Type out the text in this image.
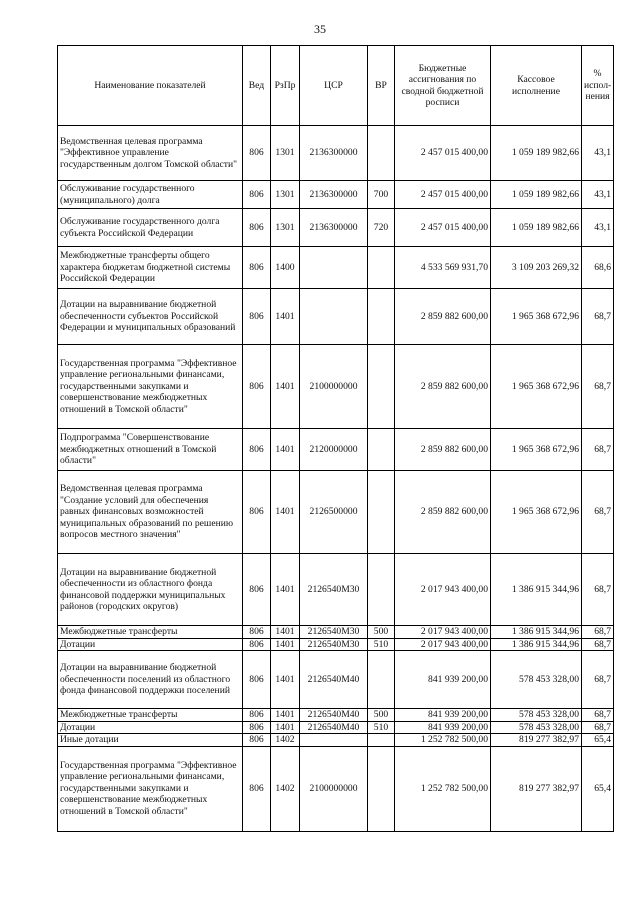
35
Наименование показателей	Вед	РзПр	ЦСР	ВР	Бюджетные ассигнования по сводной бюджетной росписи	Кассовое исполнение	% испол-нения
Ведомственная целевая программа "Эффективное управление государственным долгом Томской области"	806	1301	2136300000		2 457 015 400,00	1 059 189 982,66	43,1
Обслуживание государственного (муниципального) долга	806	1301	2136300000	700	2 457 015 400,00	1 059 189 982,66	43,1
Обслуживание государственного долга субъекта Российской Федерации	806	1301	2136300000	720	2 457 015 400,00	1 059 189 982,66	43,1
Межбюджетные трансферты общего характера бюджетам бюджетной системы Российской Федерации	806	1400			4 533 569 931,70	3 109 203 269,32	68,6
Дотации на выравнивание бюджетной обеспеченности субъектов Российской Федерации и муниципальных образований	806	1401			2 859 882 600,00	1 965 368 672,96	68,7
Государственная программа "Эффективное управление региональными финансами, государственными закупками и совершенствование межбюджетных отношений в Томской области"	806	1401	2100000000		2 859 882 600,00	1 965 368 672,96	68,7
Подпрограмма "Совершенствование межбюджетных отношений в Томской области"	806	1401	2120000000		2 859 882 600,00	1 965 368 672,96	68,7
Ведомственная целевая программа "Создание условий для обеспечения равных финансовых возможностей муниципальных образований по решению вопросов местного значения"	806	1401	2126500000		2 859 882 600,00	1 965 368 672,96	68,7
Дотации на выравнивание бюджетной обеспеченности из областного фонда финансовой поддержки муниципальных районов (городских округов)	806	1401	2126540M30		2 017 943 400,00	1 386 915 344,96	68,7
Межбюджетные трансферты	806	1401	2126540M30	500	2 017 943 400,00	1 386 915 344,96	68,7
Дотации	806	1401	2126540M30	510	2 017 943 400,00	1 386 915 344,96	68,7
Дотации на выравнивание бюджетной обеспеченности поселений из областного фонда финансовой поддержки поселений	806	1401	2126540M40		841 939 200,00	578 453 328,00	68,7
Межбюджетные трансферты	806	1401	2126540M40	500	841 939 200,00	578 453 328,00	68,7
Дотации	806	1401	2126540M40	510	841 939 200,00	578 453 328,00	68,7
Иные дотации	806	1402			1 252 782 500,00	819 277 382,97	65,4
Государственная программа "Эффективное управление региональными финансами, государственными закупками и совершенствование межбюджетных отношений в Томской области"	806	1402	2100000000		1 252 782 500,00	819 277 382,97	65,4
